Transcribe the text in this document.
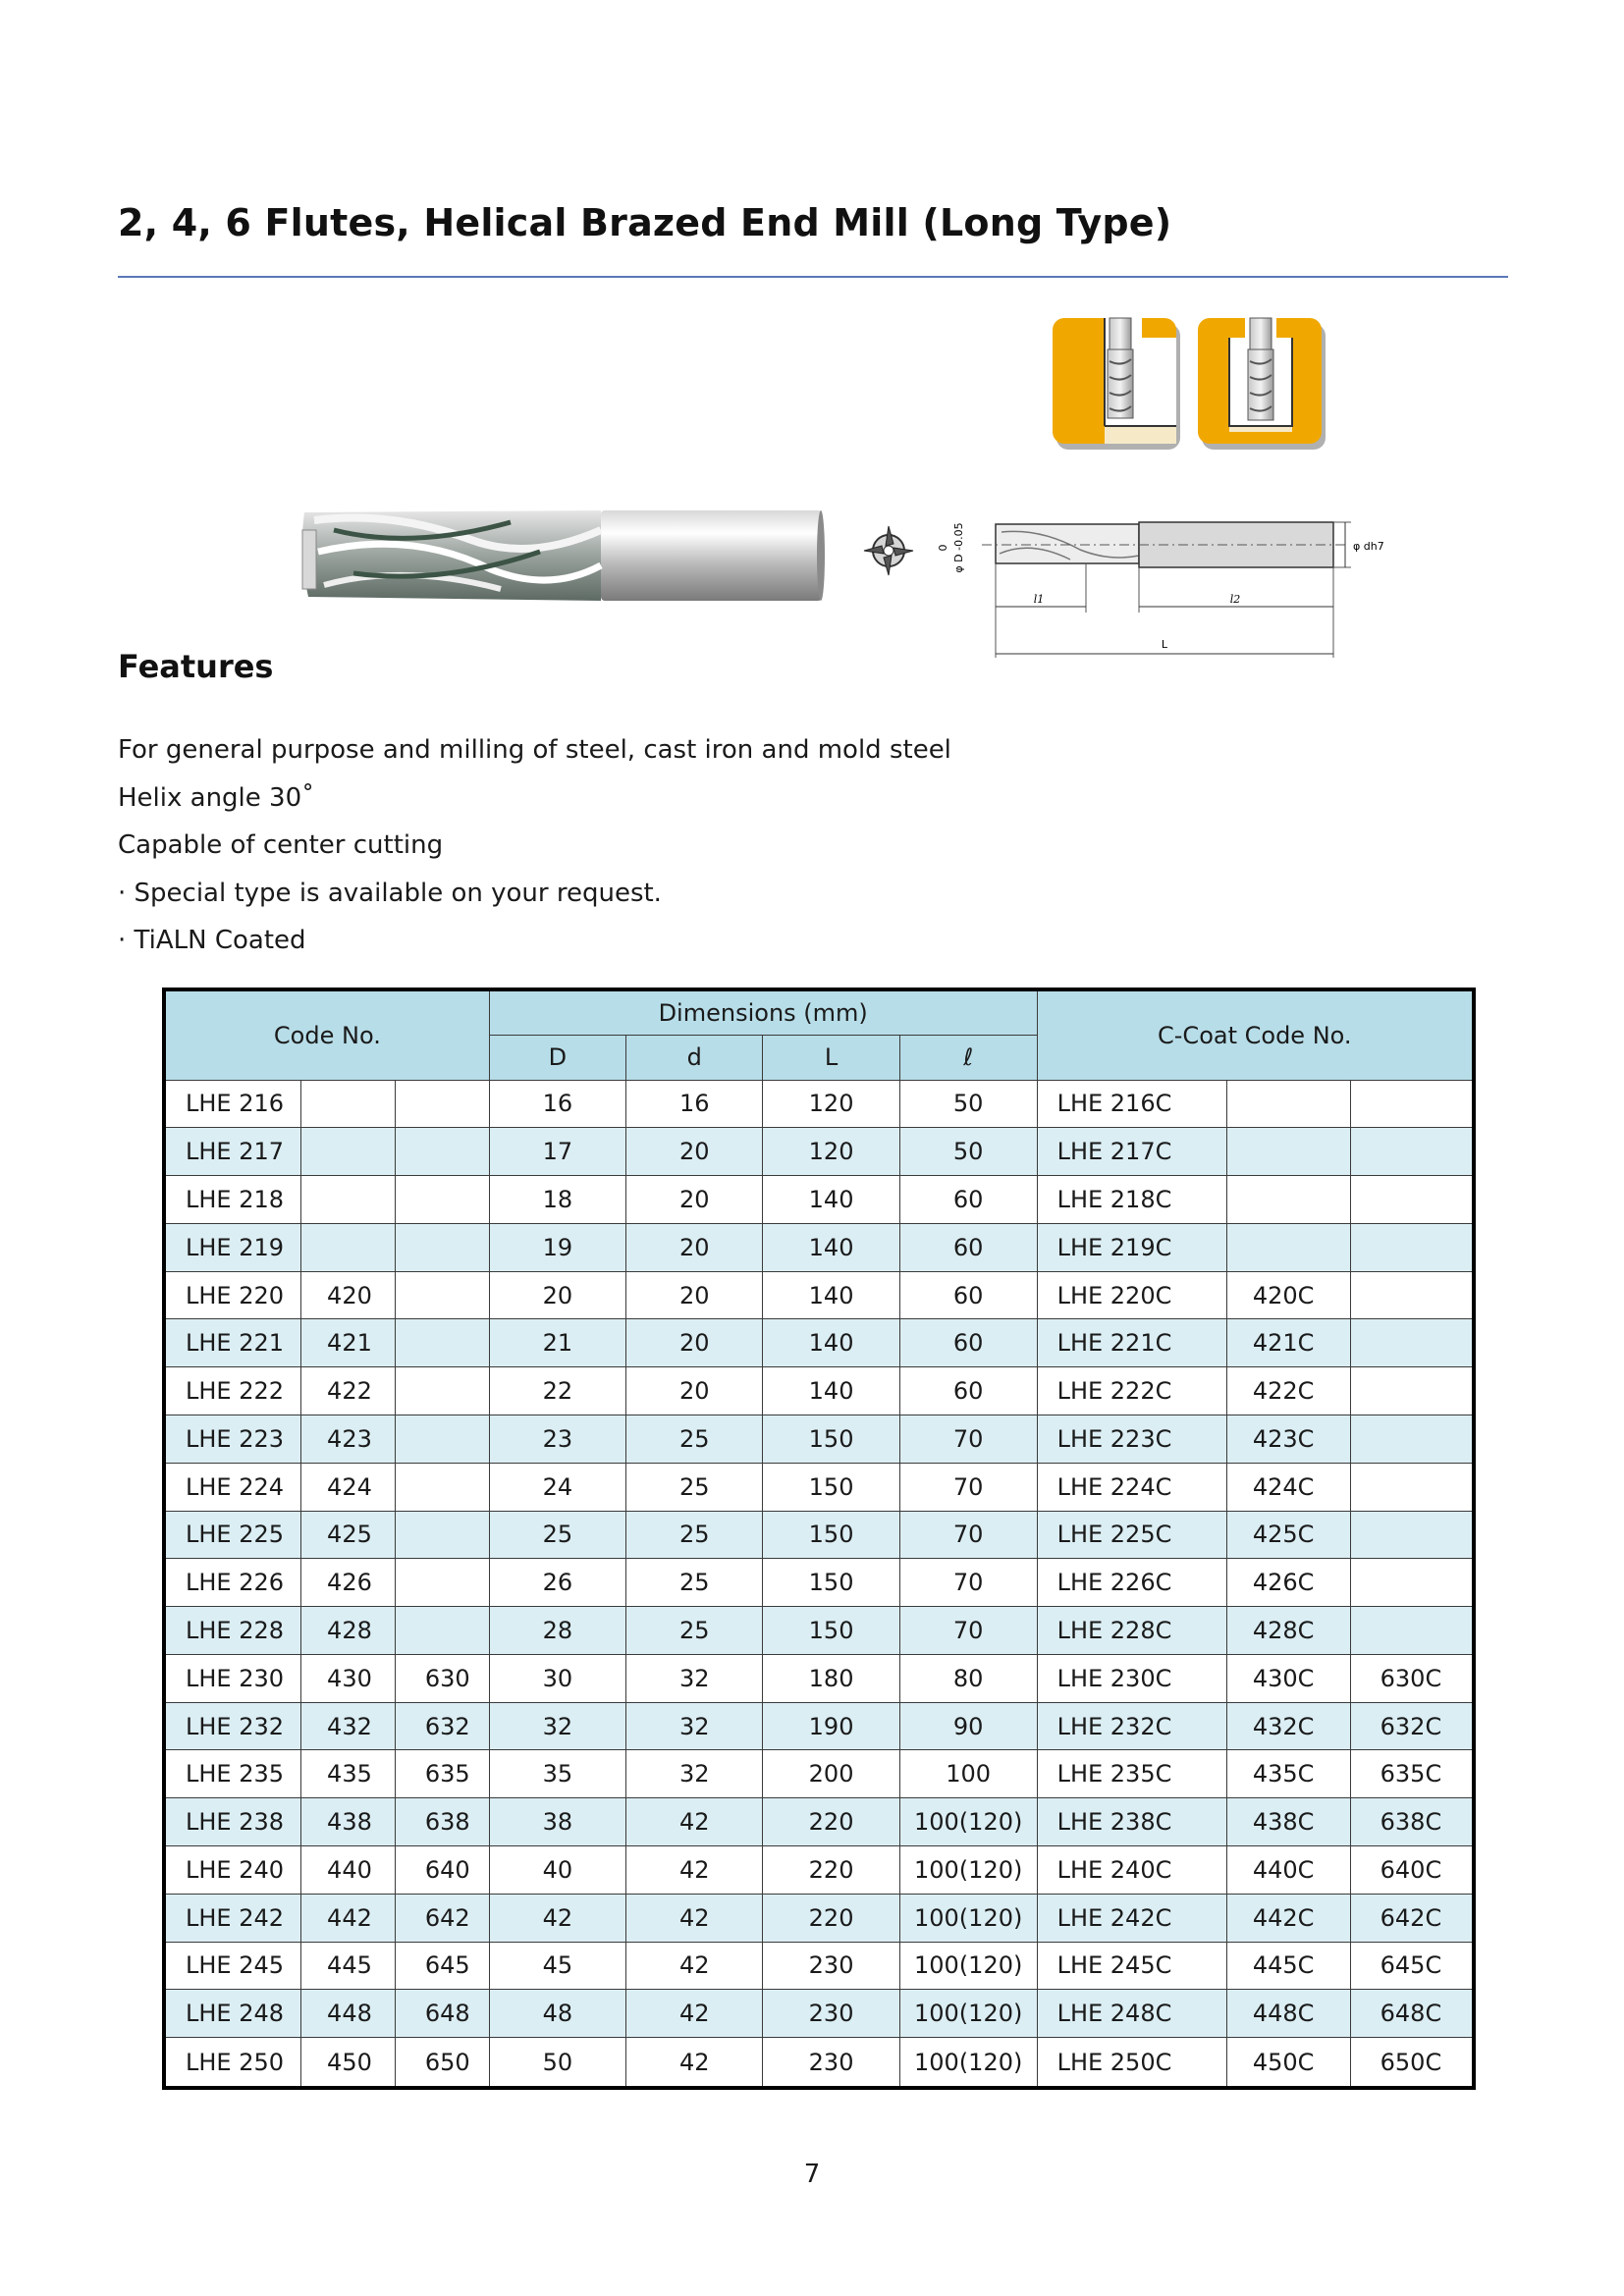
2, 4, 6 Flutes, Helical Brazed End Mill (Long Type)
0 φ D -0.05	φ dh7
l1	l2
L
Features
For general purpose and milling of steel, cast iron and mold steel
Helix angle 30˚
Capable of center cutting
· Special type is available on your request.
· TiALN Coated
Code No.			Dimensions (mm)				C-Coat Code No.		
			D	d	L	ℓ			
LHE 216			16	16	120	50	LHE 216C		
LHE 217			17	20	120	50	LHE 217C		
LHE 218			18	20	140	60	LHE 218C		
LHE 219			19	20	140	60	LHE 219C		
LHE 220	420		20	20	140	60	LHE 220C	420C	
LHE 221	421		21	20	140	60	LHE 221C	421C	
LHE 222	422		22	20	140	60	LHE 222C	422C	
LHE 223	423		23	25	150	70	LHE 223C	423C	
LHE 224	424		24	25	150	70	LHE 224C	424C	
LHE 225	425		25	25	150	70	LHE 225C	425C	
LHE 226	426		26	25	150	70	LHE 226C	426C	
LHE 228	428		28	25	150	70	LHE 228C	428C	
LHE 230	430	630	30	32	180	80	LHE 230C	430C	630C
LHE 232	432	632	32	32	190	90	LHE 232C	432C	632C
LHE 235	435	635	35	32	200	100	LHE 235C	435C	635C
LHE 238	438	638	38	42	220	100(120)	LHE 238C	438C	638C
LHE 240	440	640	40	42	220	100(120)	LHE 240C	440C	640C
LHE 242	442	642	42	42	220	100(120)	LHE 242C	442C	642C
LHE 245	445	645	45	42	230	100(120)	LHE 245C	445C	645C
LHE 248	448	648	48	42	230	100(120)	LHE 248C	448C	648C
LHE 250	450	650	50	42	230	100(120)	LHE 250C	450C	650C
7
